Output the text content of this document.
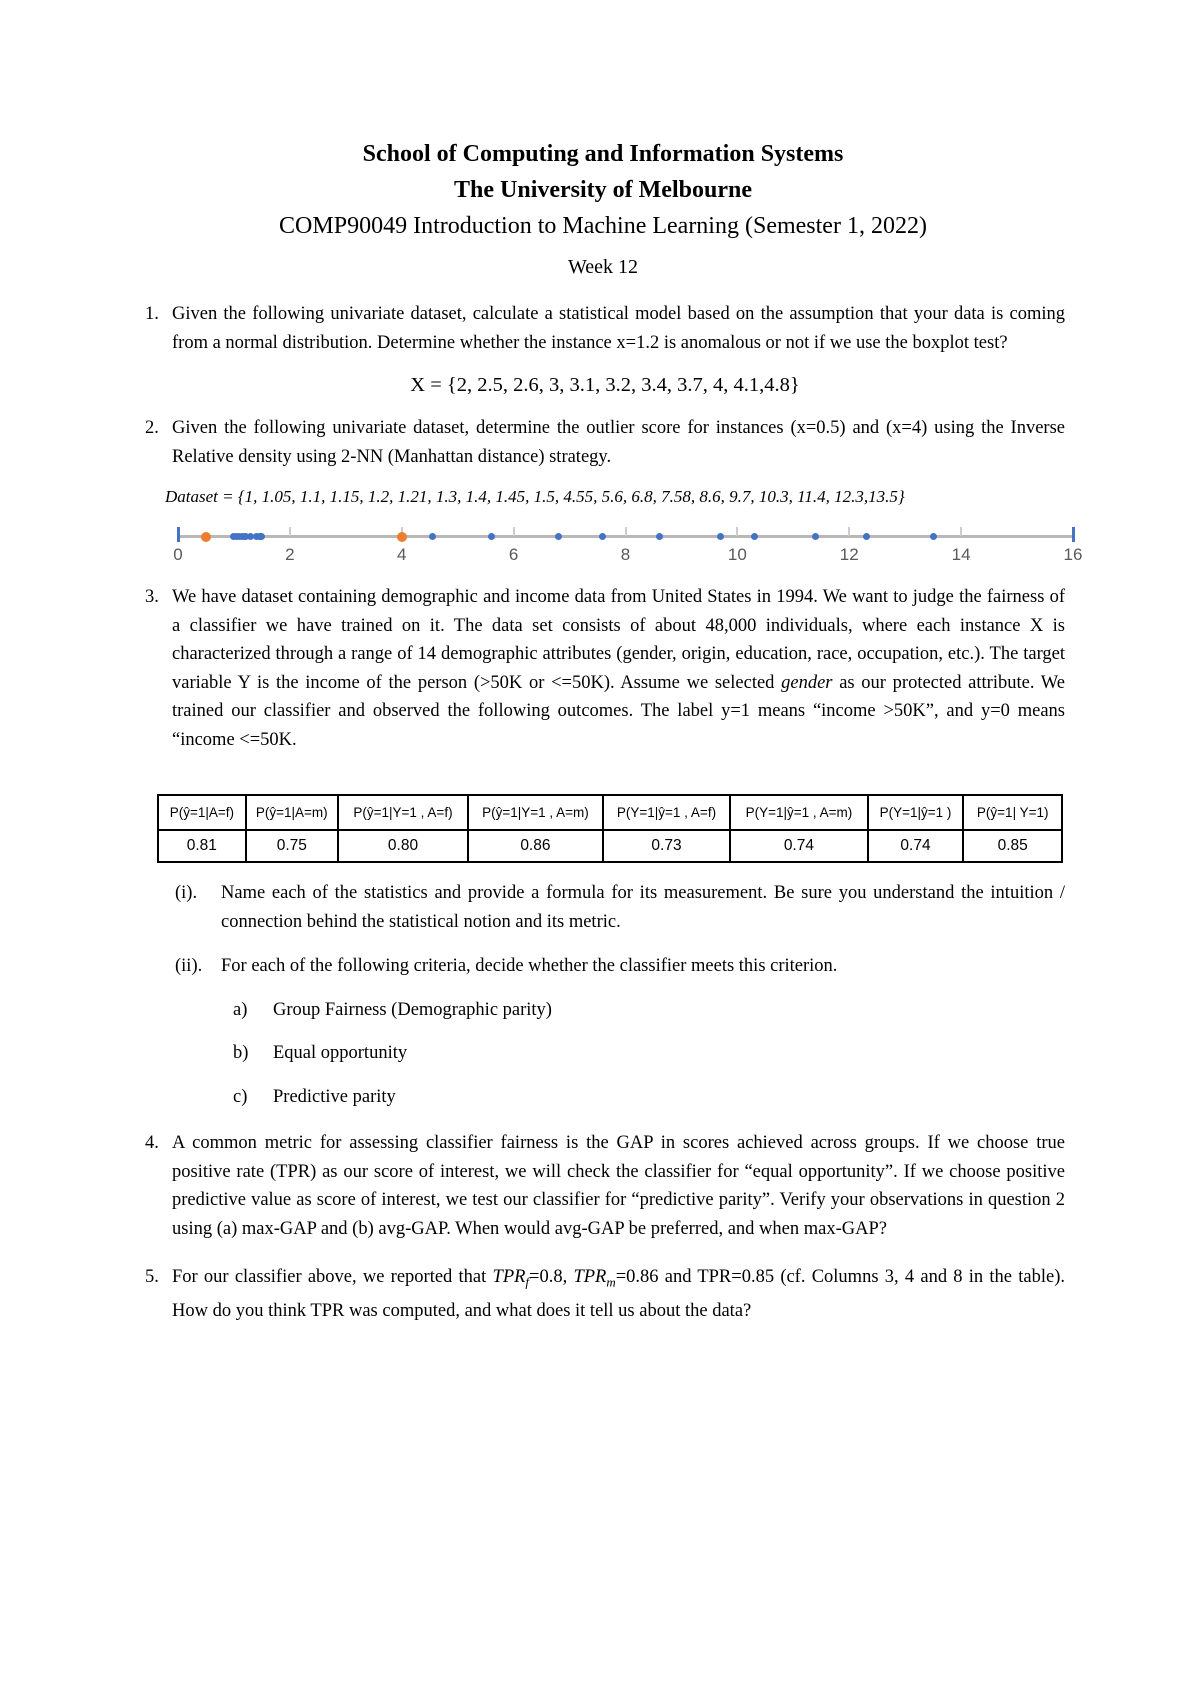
School of Computing and Information Systems
The University of Melbourne
COMP90049 Introduction to Machine Learning (Semester 1, 2022)
Week 12
1. Given the following univariate dataset, calculate a statistical model based on the assumption that your data is coming from a normal distribution. Determine whether the instance x=1.2 is anomalous or not if we use the boxplot test?
X = {2, 2.5, 2.6, 3, 3.1, 3.2, 3.4, 3.7, 4, 4.1,4.8}
2. Given the following univariate dataset, determine the outlier score for instances (x=0.5) and (x=4) using the Inverse Relative density using 2-NN (Manhattan distance) strategy.
Dataset = {1, 1.05, 1.1, 1.15, 1.2, 1.21, 1.3, 1.4, 1.45, 1.5, 4.55, 5.6, 6.8, 7.58, 8.6, 9.7, 10.3, 11.4, 12.3,13.5}
0	2	4	6	8	10	12	14	16
3. We have dataset containing demographic and income data from United States in 1994. We want to judge the fairness of a classifier we have trained on it. The data set consists of about 48,000 individuals, where each instance X is characterized through a range of 14 demographic attributes (gender, origin, education, race, occupation, etc.). The target variable Y is the income of the person (>50K or <=50K). Assume we selected gender as our protected attribute. We trained our classifier and observed the following outcomes. The label y=1 means “income >50K”, and y=0 means “income <=50K.
P(ŷ=1|A=f)	P(ŷ=1|A=m)	P(ŷ=1|Y=1 , A=f)	P(ŷ=1|Y=1 , A=m)	P(Y=1|ŷ=1 , A=f)	P(Y=1|ŷ=1 , A=m)	P(Y=1|ŷ=1 )	P(ŷ=1| Y=1)
0.81	0.75	0.80	0.86	0.73	0.74	0.74	0.85
(i).	Name each of the statistics and provide a formula for its measurement. Be sure you understand the intuition / connection behind the statistical notion and its metric.
(ii).	For each of the following criteria, decide whether the classifier meets this criterion.
a)	Group Fairness (Demographic parity)
b)	Equal opportunity
c)	Predictive parity
4. A common metric for assessing classifier fairness is the GAP in scores achieved across groups. If we choose true positive rate (TPR) as our score of interest, we will check the classifier for “equal opportunity”. If we choose positive predictive value as score of interest, we test our classifier for “predictive parity”. Verify your observations in question 2 using (a) max-GAP and (b) avg-GAP. When would avg-GAP be preferred, and when max-GAP?
5. For our classifier above, we reported that $TPR_f=0.8$, $TPR_m=0.86$ and TPR=0.85 (cf. Columns 3, 4 and 8 in the table). How do you think TPR was computed, and what does it tell us about the data?
